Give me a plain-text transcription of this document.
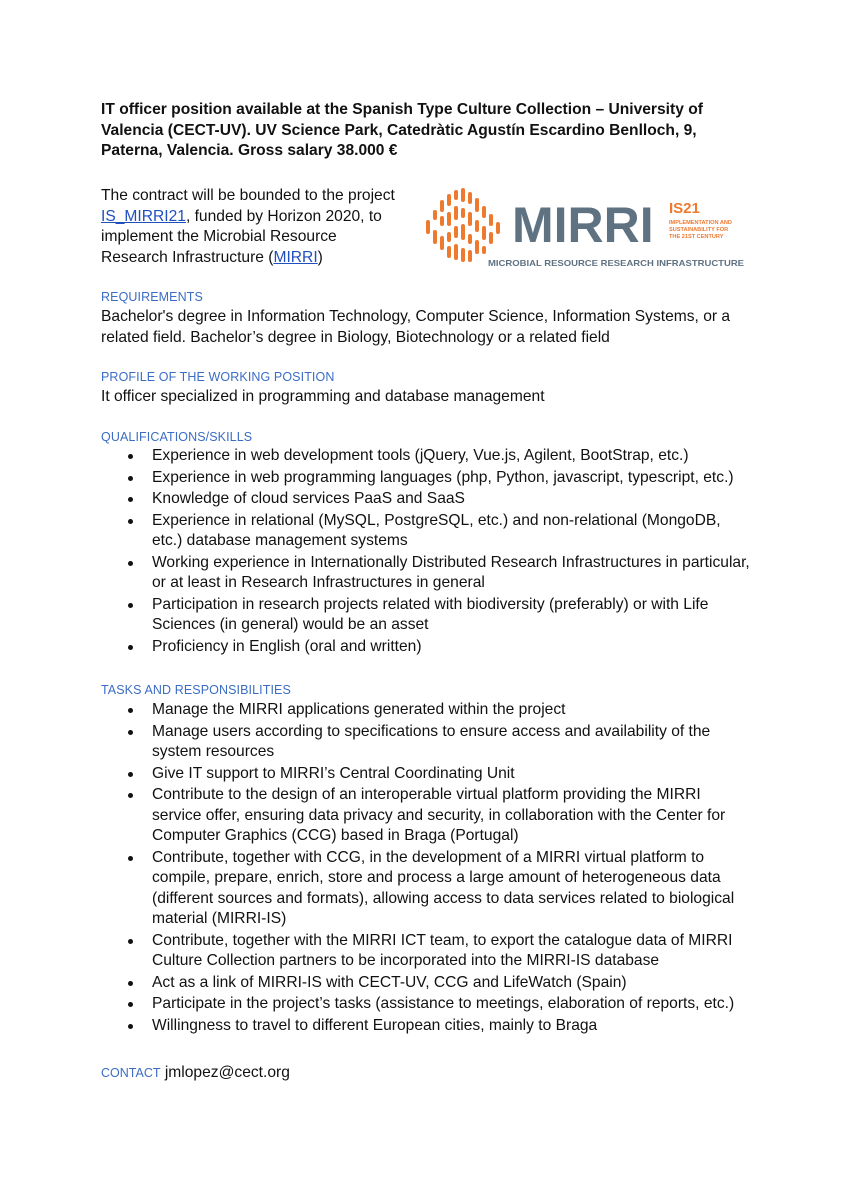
IT officer position available at the Spanish Type Culture Collection – University of Valencia (CECT-UV). UV Science Park, Catedràtic Agustín Escardino Benlloch, 9, Paterna, Valencia. Gross salary 38.000 €
The contract will be bounded to the project IS_MIRRI21, funded by Horizon 2020, to implement the Microbial Resource Research Infrastructure (MIRRI)
MIRRI IS21
IMPLEMENTATION AND
SUSTAINABILITY FOR
THE 21ST CENTURY
MICROBIAL RESOURCE RESEARCH INFRASTRUCTURE
REQUIREMENTS
Bachelor's degree in Information Technology, Computer Science, Information Systems, or a related field. Bachelor’s degree in Biology, Biotechnology or a related field
PROFILE OF THE WORKING POSITION
It officer specialized in programming and database management
QUALIFICATIONS/SKILLS
Experience in web development tools (jQuery, Vue.js, Agilent, BootStrap, etc.)
Experience in web programming languages (php, Python, javascript, typescript, etc.)
Knowledge of cloud services PaaS and SaaS
Experience in relational (MySQL, PostgreSQL, etc.) and non-relational (MongoDB, etc.) database management systems
Working experience in Internationally Distributed Research Infrastructures in particular, or at least in Research Infrastructures in general
Participation in research projects related with biodiversity (preferably) or with Life Sciences (in general) would be an asset
Proficiency in English (oral and written)
TASKS AND RESPONSIBILITIES
Manage the MIRRI applications generated within the project
Manage users according to specifications to ensure access and availability of the system resources
Give IT support to MIRRI’s Central Coordinating Unit
Contribute to the design of an interoperable virtual platform providing the MIRRI service offer, ensuring data privacy and security, in collaboration with the Center for Computer Graphics (CCG) based in Braga (Portugal)
Contribute, together with CCG, in the development of a MIRRI virtual platform to compile, prepare, enrich, store and process a large amount of heterogeneous data (different sources and formats), allowing access to data services related to biological material (MIRRI-IS)
Contribute, together with the MIRRI ICT team, to export the catalogue data of MIRRI Culture Collection partners to be incorporated into the MIRRI-IS database
Act as a link of MIRRI-IS with CECT-UV, CCG and LifeWatch (Spain)
Participate in the project’s tasks (assistance to meetings, elaboration of reports, etc.)
Willingness to travel to different European cities, mainly to Braga
CONTACT jmlopez@cect.org
